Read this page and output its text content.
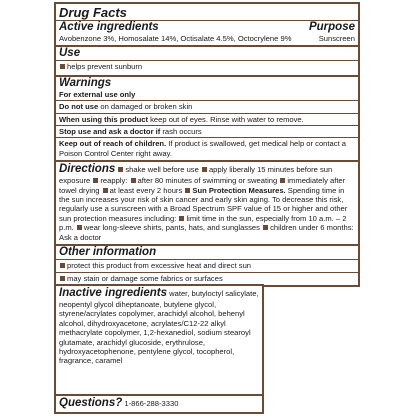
Drug Facts
Active ingredients	Purpose
Avobenzone 3%, Homosalate 14%, Octisalate 4.5%, Octocrylene 9%	Sunscreen
Use
helps prevent sunburn
Warnings
For external use only
Do not use on damaged or broken skin
When using this product keep out of eyes. Rinse with water to remove.
Stop use and ask a doctor if rash occurs
Keep out of reach of children. If product is swallowed, get medical help or contact a Poison Control Center right away.
Directions shake well before use apply liberally 15 minutes before sun exposure reapply: after 80 minutes of swimming or sweating immediately after towel drying at least every 2 hours Sun Protection Measures. Spending time in the sun increases your risk of skin cancer and early skin aging. To decrease this risk, regularly use a sunscreen with a Broad Spectrum SPF value of 15 or higher and other sun protection measures including: limit time in the sun, especially from 10 a.m. – 2 p.m. wear long-sleeve shirts, pants, hats, and sunglasses children under 6 months: Ask a doctor
Other information
protect this product from excessive heat and direct sun
may stain or damage some fabrics or surfaces
Inactive ingredients water, butyloctyl salicylate, neopentyl glycol diheptanoate, butylene glycol, styrene/acrylates copolymer, arachidyl alcohol, behenyl alcohol, dihydroxyacetone, acrylates/C12-22 alkyl methacrylate copolymer, 1,2-hexanediol, sodium stearoyl glutamate, arachidyl glucoside, erythrulose, hydroxyacetophenone, pentylene glycol, tocopherol, fragrance, caramel
Questions? 1-866-288-3330
